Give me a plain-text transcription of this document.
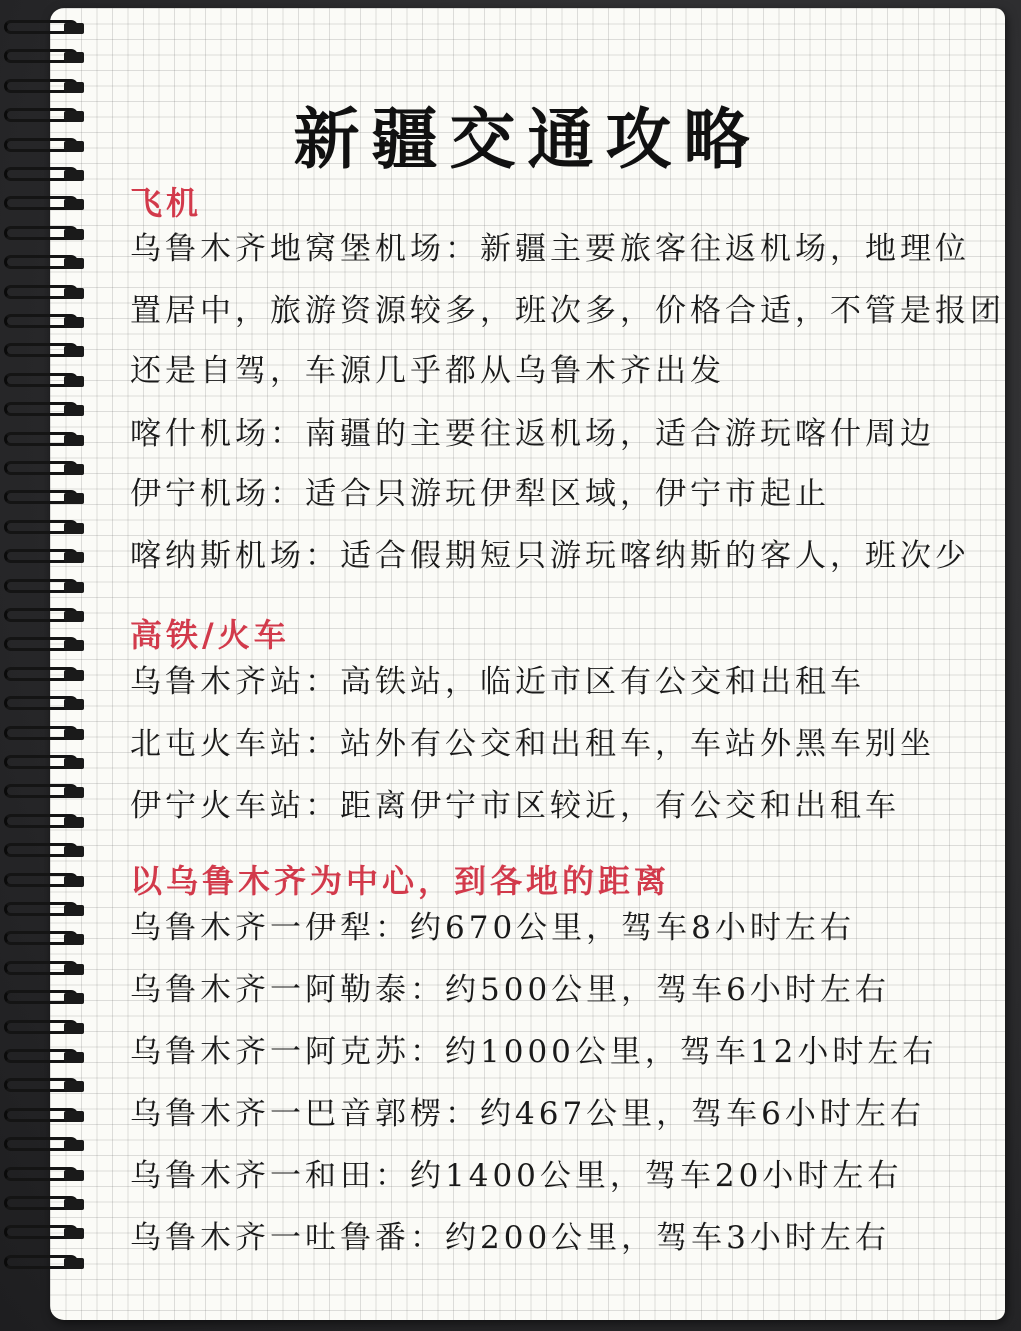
新疆交通攻略
飞机

乌鲁木齐地窝堡机场：新疆主要旅客往返机场，地理位

置居中，旅游资源较多，班次多，价格合适，不管是报团

还是自驾，车源几乎都从乌鲁木齐出发

喀什机场：南疆的主要往返机场，适合游玩喀什周边

伊宁机场：适合只游玩伊犁区域，伊宁市起止

喀纳斯机场：适合假期短只游玩喀纳斯的客人，班次少

高铁/火车

乌鲁木齐站：高铁站，临近市区有公交和出租车

北屯火车站：站外有公交和出租车，车站外黑车别坐

伊宁火车站：距离伊宁市区较近，有公交和出租车

以乌鲁木齐为中心，到各地的距离

乌鲁木齐一伊犁：约670公里，驾车8小时左右

乌鲁木齐一阿勒泰：约500公里，驾车6小时左右

乌鲁木齐一阿克苏：约1000公里，驾车12小时左右

乌鲁木齐一巴音郭楞：约467公里，驾车6小时左右

乌鲁木齐一和田：约1400公里，驾车20小时左右

乌鲁木齐一吐鲁番：约200公里，驾车3小时左右
